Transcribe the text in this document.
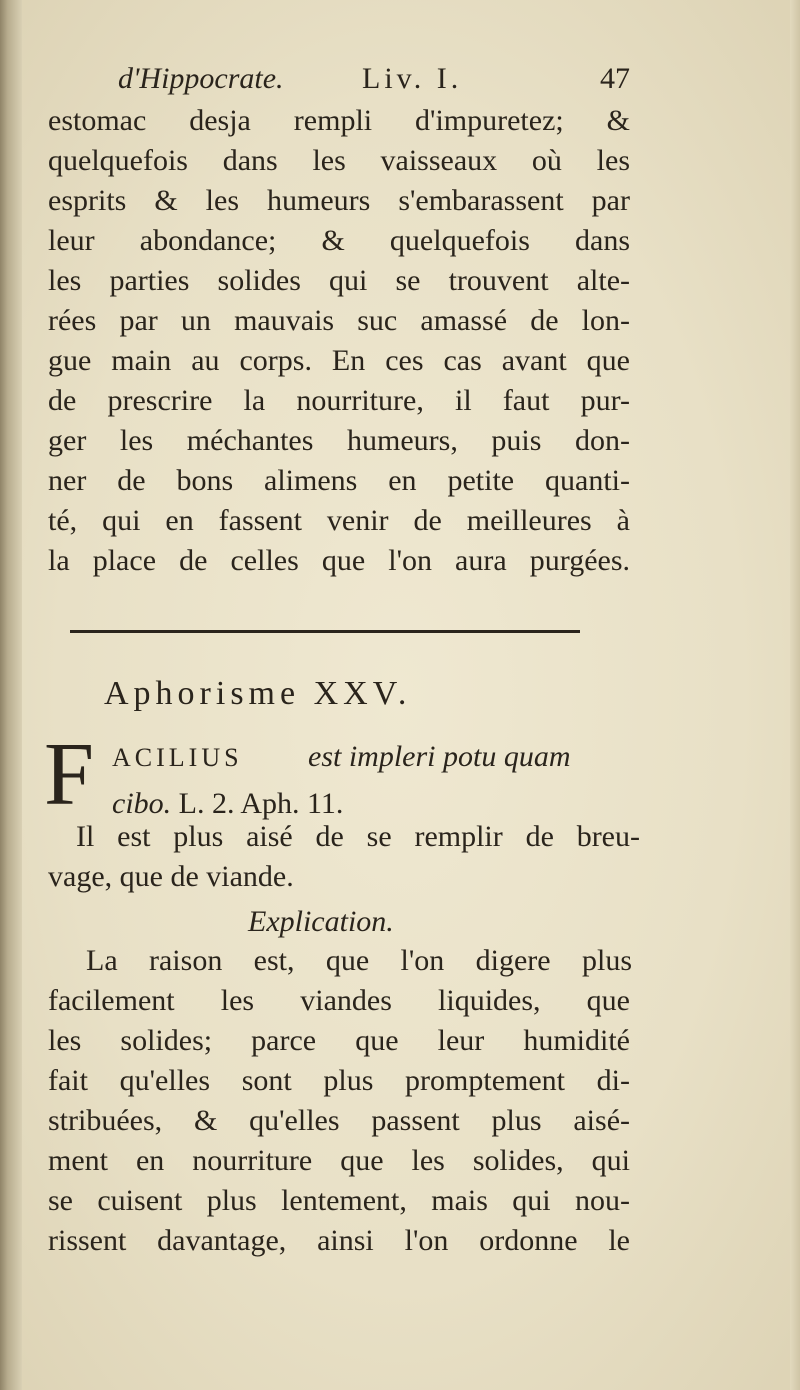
d'Hippocrate.	Liv. I.	47
estomac desja rempli d'impuretez; &
quelquefois dans les vaisseaux où les
esprits & les humeurs s'embarassent par
leur abondance; & quelquefois dans
les parties solides qui se trouvent alte-
rées par un mauvais suc amassé de lon-
gue main au corps. En ces cas avant que
de prescrire la nourriture, il faut pur-
ger les méchantes humeurs, puis don-
ner de bons alimens en petite quanti-
té, qui en fassent venir de meilleures à
la place de celles que l'on aura purgées.
Aphorisme XXV.
F ACILIUS est impleri potu quam
cibo. L. 2. Aph. 11.
Il est plus aisé de se remplir de breu-
vage, que de viande.
Explication.
La raison est, que l'on digere plus
facilement les viandes liquides, que
les solides; parce que leur humidité
fait qu'elles sont plus promptement di-
stribuées, & qu'elles passent plus aisé-
ment en nourriture que les solides, qui
se cuisent plus lentement, mais qui nou-
rissent davantage, ainsi l'on ordonne le
